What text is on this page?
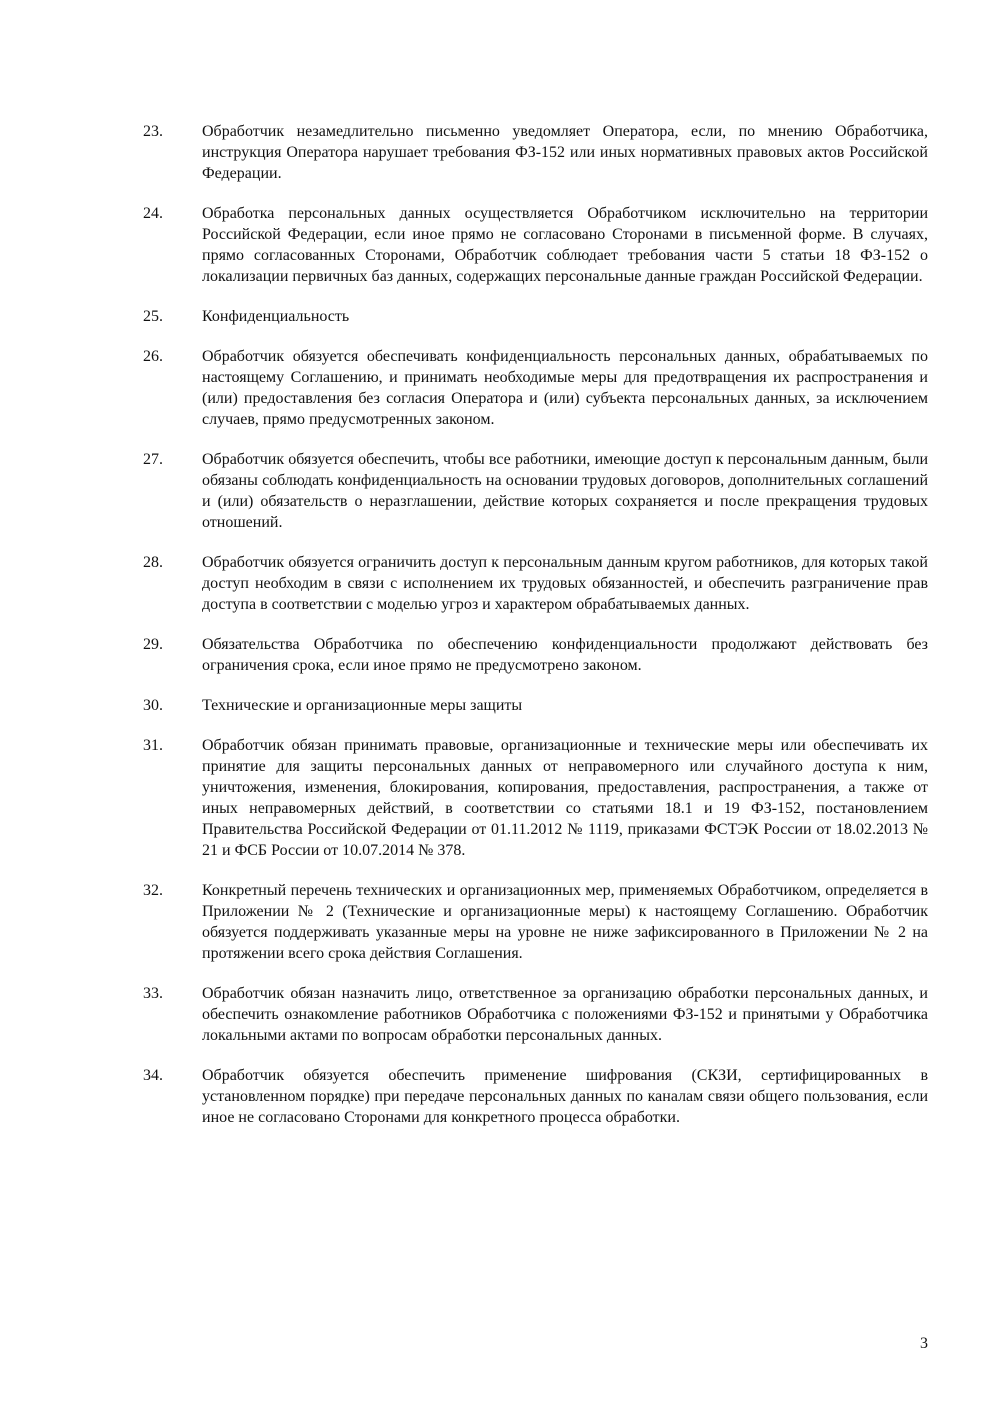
23.	Обработчик незамедлительно письменно уведомляет Оператора, если, по мнению Обработчика, инструкция Оператора нарушает требования ФЗ-152 или иных нормативных правовых актов Российской Федерации.

24.	Обработка персональных данных осуществляется Обработчиком исключительно на территории Российской Федерации, если иное прямо не согласовано Сторонами в письменной форме. В случаях, прямо согласованных Сторонами, Обработчик соблюдает требования части 5 статьи 18 ФЗ-152 о локализации первичных баз данных, содержащих персональные данные граждан Российской Федерации.

25.	Конфиденциальность

26.	Обработчик обязуется обеспечивать конфиденциальность персональных данных, обрабатываемых по настоящему Соглашению, и принимать необходимые меры для предотвращения их распространения и (или) предоставления без согласия Оператора и (или) субъекта персональных данных, за исключением случаев, прямо предусмотренных законом.

27.	Обработчик обязуется обеспечить, чтобы все работники, имеющие доступ к персональным данным, были обязаны соблюдать конфиденциальность на основании трудовых договоров, дополнительных соглашений и (или) обязательств о неразглашении, действие которых сохраняется и после прекращения трудовых отношений.

28.	Обработчик обязуется ограничить доступ к персональным данным кругом работников, для которых такой доступ необходим в связи с исполнением их трудовых обязанностей, и обеспечить разграничение прав доступа в соответствии с моделью угроз и характером обрабатываемых данных.

29.	Обязательства Обработчика по обеспечению конфиденциальности продолжают действовать без ограничения срока, если иное прямо не предусмотрено законом.

30.	Технические и организационные меры защиты

31.	Обработчик обязан принимать правовые, организационные и технические меры или обеспечивать их принятие для защиты персональных данных от неправомерного или случайного доступа к ним, уничтожения, изменения, блокирования, копирования, предоставления, распространения, а также от иных неправомерных действий, в соответствии со статьями 18.1 и 19 ФЗ-152, постановлением Правительства Российской Федерации от 01.11.2012 № 1119, приказами ФСТЭК России от 18.02.2013 № 21 и ФСБ России от 10.07.2014 № 378.

32.	Конкретный перечень технических и организационных мер, применяемых Обработчиком, определяется в Приложении № 2 (Технические и организационные меры) к настоящему Соглашению. Обработчик обязуется поддерживать указанные меры на уровне не ниже зафиксированного в Приложении № 2 на протяжении всего срока действия Соглашения.

33.	Обработчик обязан назначить лицо, ответственное за организацию обработки персональных данных, и обеспечить ознакомление работников Обработчика с положениями ФЗ-152 и принятыми у Обработчика локальными актами по вопросам обработки персональных данных.

34.	Обработчик обязуется обеспечить применение шифрования (СКЗИ, сертифицированных в установленном порядке) при передаче персональных данных по каналам связи общего пользования, если иное не согласовано Сторонами для конкретного процесса обработки.

3
